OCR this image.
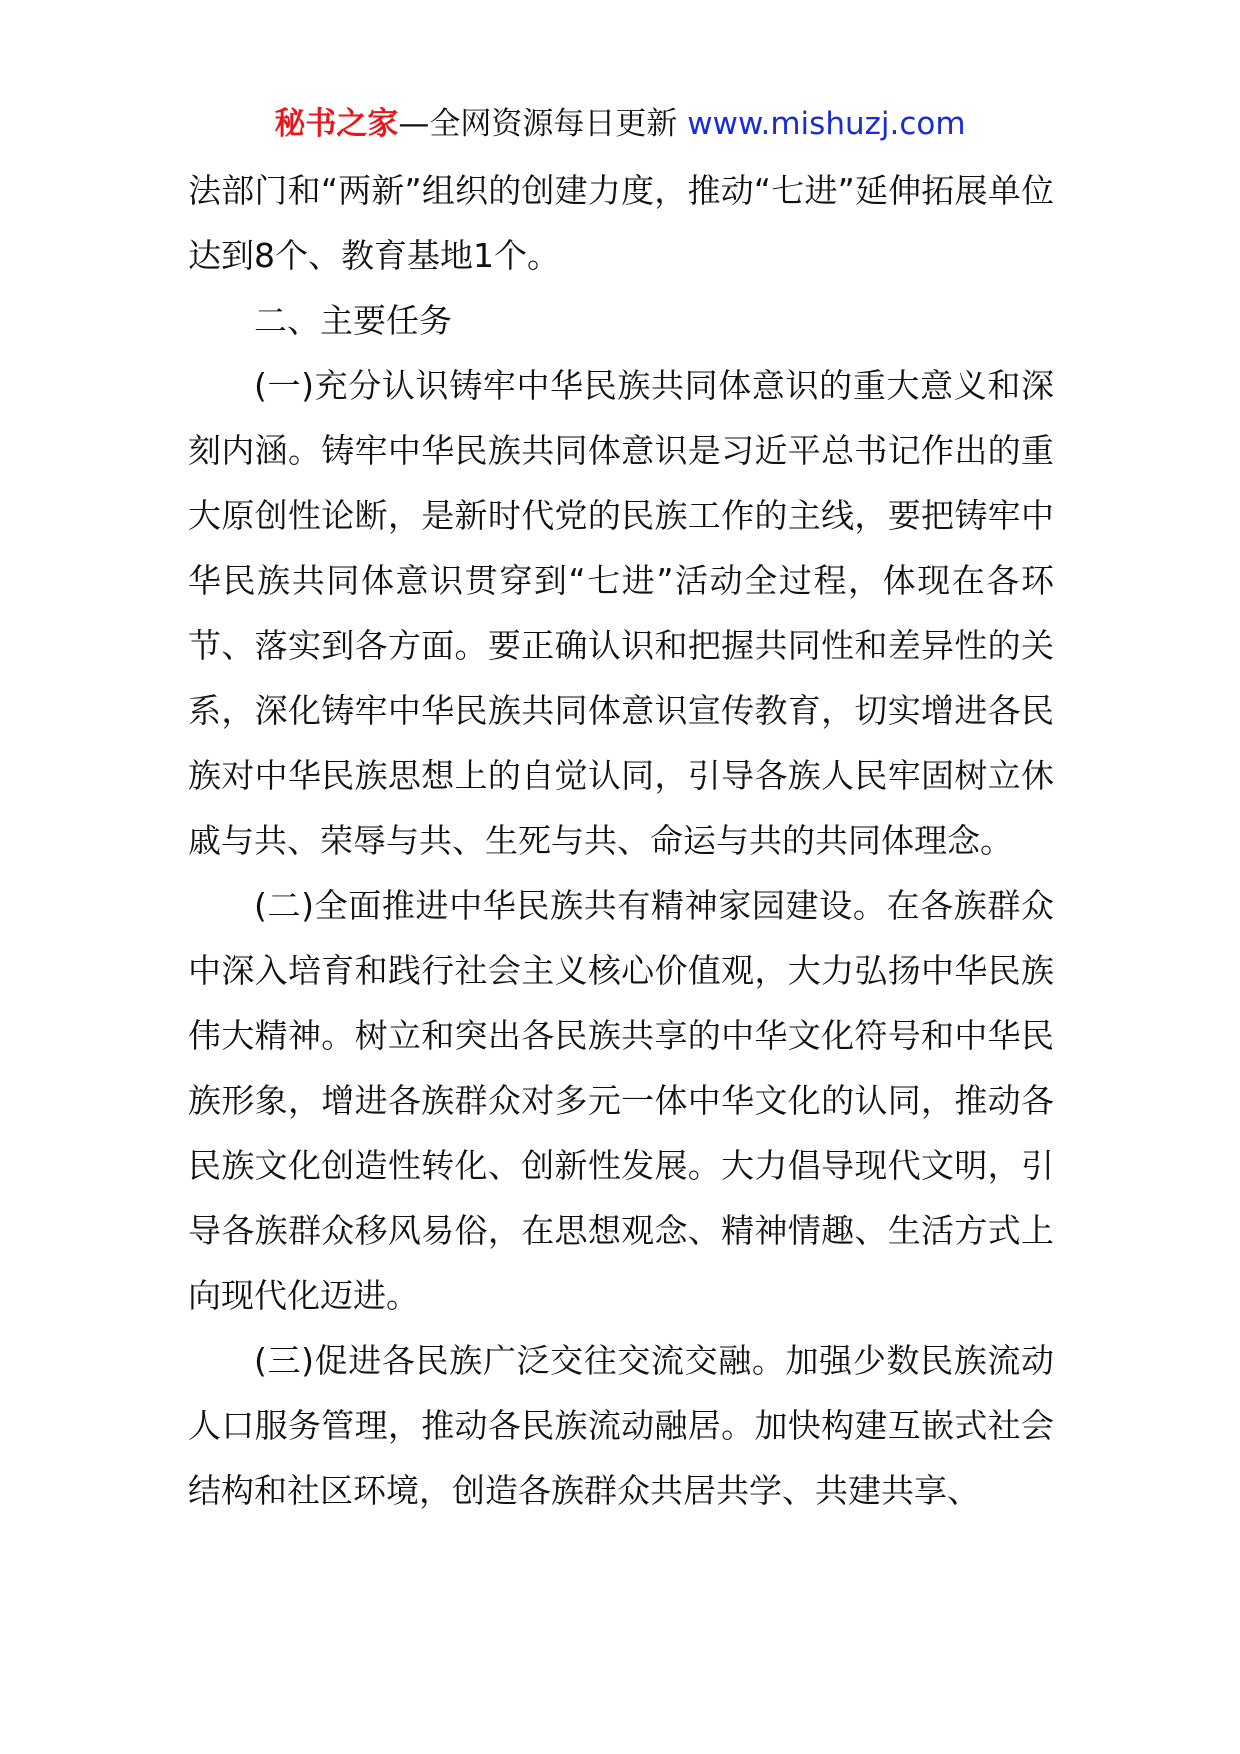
秘书之家—全网资源每日更新 www.mishuzj.com

法部门和“两新”组织的创建力度，推动“七进”延伸拓展单位达到8个、教育基地1个。

二、主要任务

(一)充分认识铸牢中华民族共同体意识的重大意义和深刻内涵。铸牢中华民族共同体意识是习近平总书记作出的重大原创性论断，是新时代党的民族工作的主线，要把铸牢中华民族共同体意识贯穿到“七进”活动全过程，体现在各环节、落实到各方面。要正确认识和把握共同性和差异性的关系，深化铸牢中华民族共同体意识宣传教育，切实增进各民族对中华民族思想上的自觉认同，引导各族人民牢固树立休戚与共、荣辱与共、生死与共、命运与共的共同体理念。

(二)全面推进中华民族共有精神家园建设。在各族群众中深入培育和践行社会主义核心价值观，大力弘扬中华民族伟大精神。树立和突出各民族共享的中华文化符号和中华民族形象，增进各族群众对多元一体中华文化的认同，推动各民族文化创造性转化、创新性发展。大力倡导现代文明，引导各族群众移风易俗，在思想观念、精神情趣、生活方式上向现代化迈进。

(三)促进各民族广泛交往交流交融。加强少数民族流动人口服务管理，推动各民族流动融居。加快构建互嵌式社会结构和社区环境，创造各族群众共居共学、共建共享、
